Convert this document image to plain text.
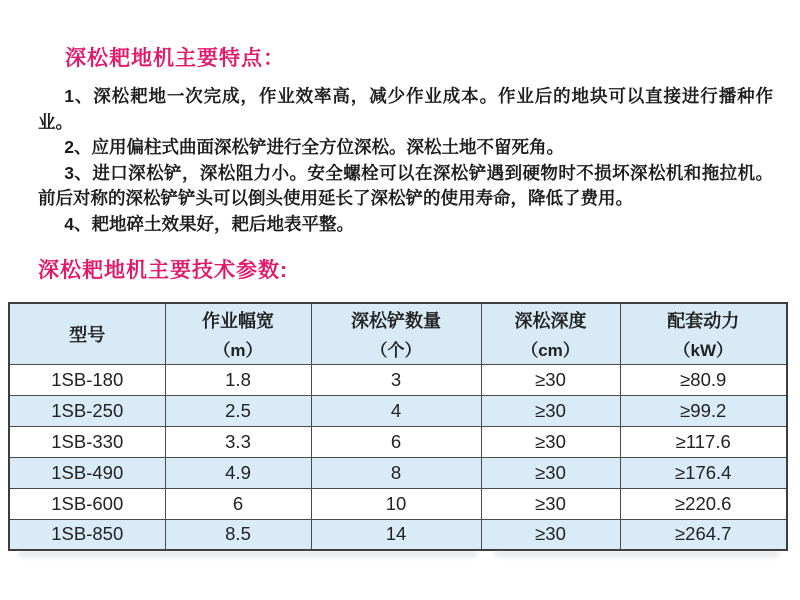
深松耙地机主要特点：

1、深松耙地一次完成，作业效率高，减少作业成本。作业后的地块可以直接进行播种作业。

2、应用偏柱式曲面深松铲进行全方位深松。深松土地不留死角。

3、进口深松铲，深松阻力小。安全螺栓可以在深松铲遇到硬物时不损坏深松机和拖拉机。前后对称的深松铲铲头可以倒头使用延长了深松铲的使用寿命，降低了费用。

4、耙地碎土效果好，耙后地表平整。

深松耙地机主要技术参数:
型号

作业幅宽
（m）

深松铲数量
（个）

深松深度
（cm）

配套动力
（kW）

1SB-180	1.8	3	≥30	≥80.9
1SB-250	2.5	4	≥30	≥99.2
1SB-330	3.3	6	≥30	≥117.6
1SB-490	4.9	8	≥30	≥176.4
1SB-600	6	10	≥30	≥220.6
1SB-850	8.5	14	≥30	≥264.7
